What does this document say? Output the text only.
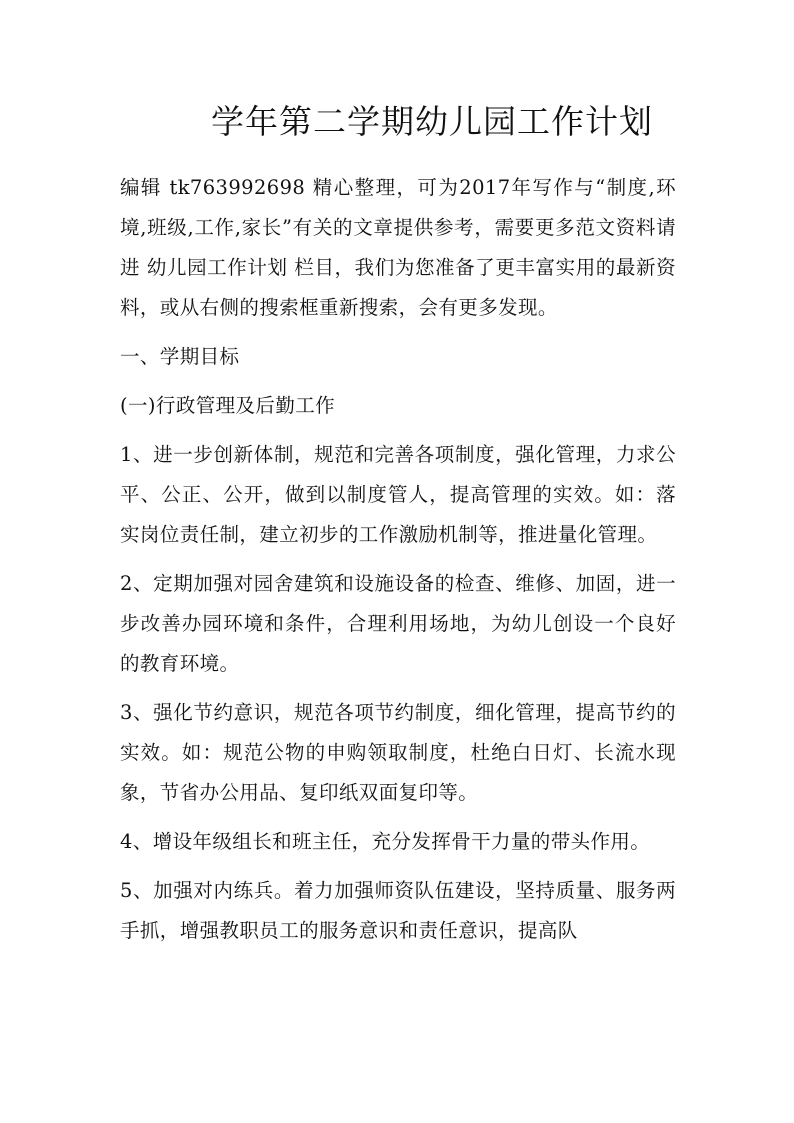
学年第二学期幼儿园工作计划

编辑 tk763992698 精心整理，可为2017年写作与“制度,环境,班级,工作,家长”有关的文章提供参考，需要更多范文资料请进 幼儿园工作计划 栏目，我们为您准备了更丰富实用的最新资料，或从右侧的搜索框重新搜索，会有更多发现。

一、学期目标

(一)行政管理及后勤工作

1、进一步创新体制，规范和完善各项制度，强化管理，力求公平、公正、公开，做到以制度管人，提高管理的实效。如：落实岗位责任制，建立初步的工作激励机制等，推进量化管理。

2、定期加强对园舍建筑和设施设备的检查、维修、加固，进一步改善办园环境和条件，合理利用场地，为幼儿创设一个良好的教育环境。

3、强化节约意识，规范各项节约制度，细化管理，提高节约的实效。如：规范公物的申购领取制度，杜绝白日灯、长流水现象，节省办公用品、复印纸双面复印等。

4、增设年级组长和班主任，充分发挥骨干力量的带头作用。

5、加强对内练兵。着力加强师资队伍建设，坚持质量、服务两手抓，增强教职员工的服务意识和责任意识，提高队
